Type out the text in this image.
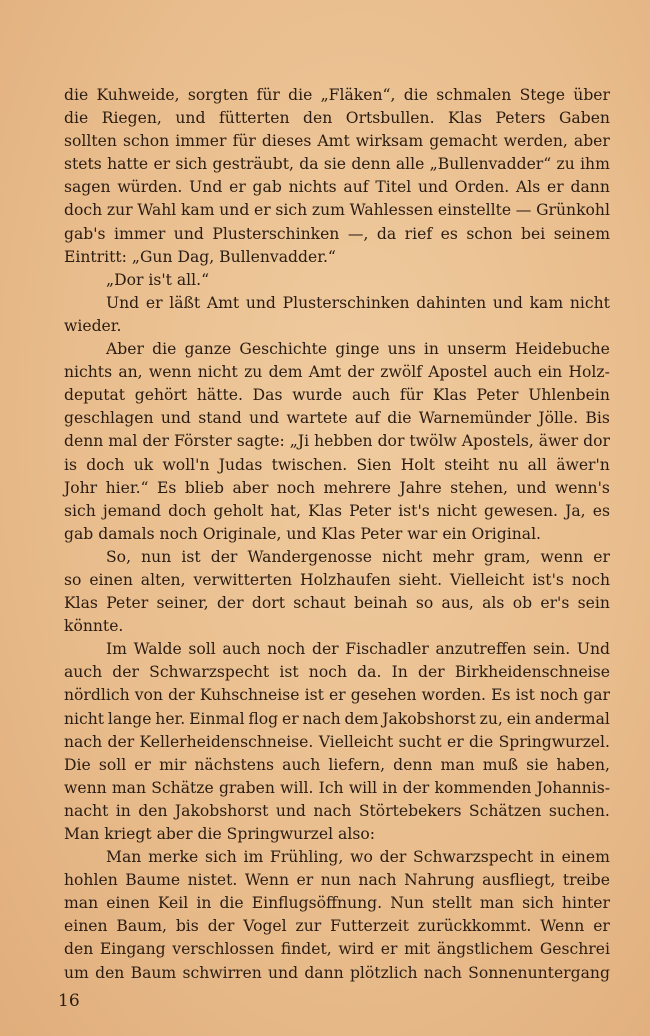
die Kuhweide, sorgten für die „Fläken“, die schmalen Stege über
die Riegen, und fütterten den Ortsbullen. Klas Peters Gaben
sollten schon immer für dieses Amt wirksam gemacht werden, aber
stets hatte er sich gesträubt, da sie denn alle „Bullenvadder“ zu ihm
sagen würden. Und er gab nichts auf Titel und Orden. Als er dann
doch zur Wahl kam und er sich zum Wahlessen einstellte — Grünkohl
gab's immer und Plusterschinken —, da rief es schon bei seinem
Eintritt: „Gun Dag, Bullenvadder.“
„Dor is't all.“
Und er läßt Amt und Plusterschinken dahinten und kam nicht
wieder.
Aber die ganze Geschichte ginge uns in unserm Heidebuche
nichts an, wenn nicht zu dem Amt der zwölf Apostel auch ein Holz-
deputat gehört hätte. Das wurde auch für Klas Peter Uhlenbein
geschlagen und stand und wartete auf die Warnemünder Jölle. Bis
denn mal der Förster sagte: „Ji hebben dor twölw Apostels, äwer dor
is doch uk woll'n Judas twischen. Sien Holt steiht nu all äwer'n
Johr hier.“ Es blieb aber noch mehrere Jahre stehen, und wenn's
sich jemand doch geholt hat, Klas Peter ist's nicht gewesen. Ja, es
gab damals noch Originale, und Klas Peter war ein Original.
So, nun ist der Wandergenosse nicht mehr gram, wenn er
so einen alten, verwitterten Holzhaufen sieht. Vielleicht ist's noch
Klas Peter seiner, der dort schaut beinah so aus, als ob er's sein
könnte.
Im Walde soll auch noch der Fischadler anzutreffen sein. Und
auch der Schwarzspecht ist noch da. In der Birkheidenschneise
nördlich von der Kuhschneise ist er gesehen worden. Es ist noch gar
nicht lange her. Einmal flog er nach dem Jakobshorst zu, ein andermal
nach der Kellerheidenschneise. Vielleicht sucht er die Springwurzel.
Die soll er mir nächstens auch liefern, denn man muß sie haben,
wenn man Schätze graben will. Ich will in der kommenden Johannis-
nacht in den Jakobshorst und nach Störtebekers Schätzen suchen.
Man kriegt aber die Springwurzel also:
Man merke sich im Frühling, wo der Schwarzspecht in einem
hohlen Baume nistet. Wenn er nun nach Nahrung ausfliegt, treibe
man einen Keil in die Einflugsöffnung. Nun stellt man sich hinter
einen Baum, bis der Vogel zur Futterzeit zurückkommt. Wenn er
den Eingang verschlossen findet, wird er mit ängstlichem Geschrei
um den Baum schwirren und dann plötzlich nach Sonnenuntergang
16
